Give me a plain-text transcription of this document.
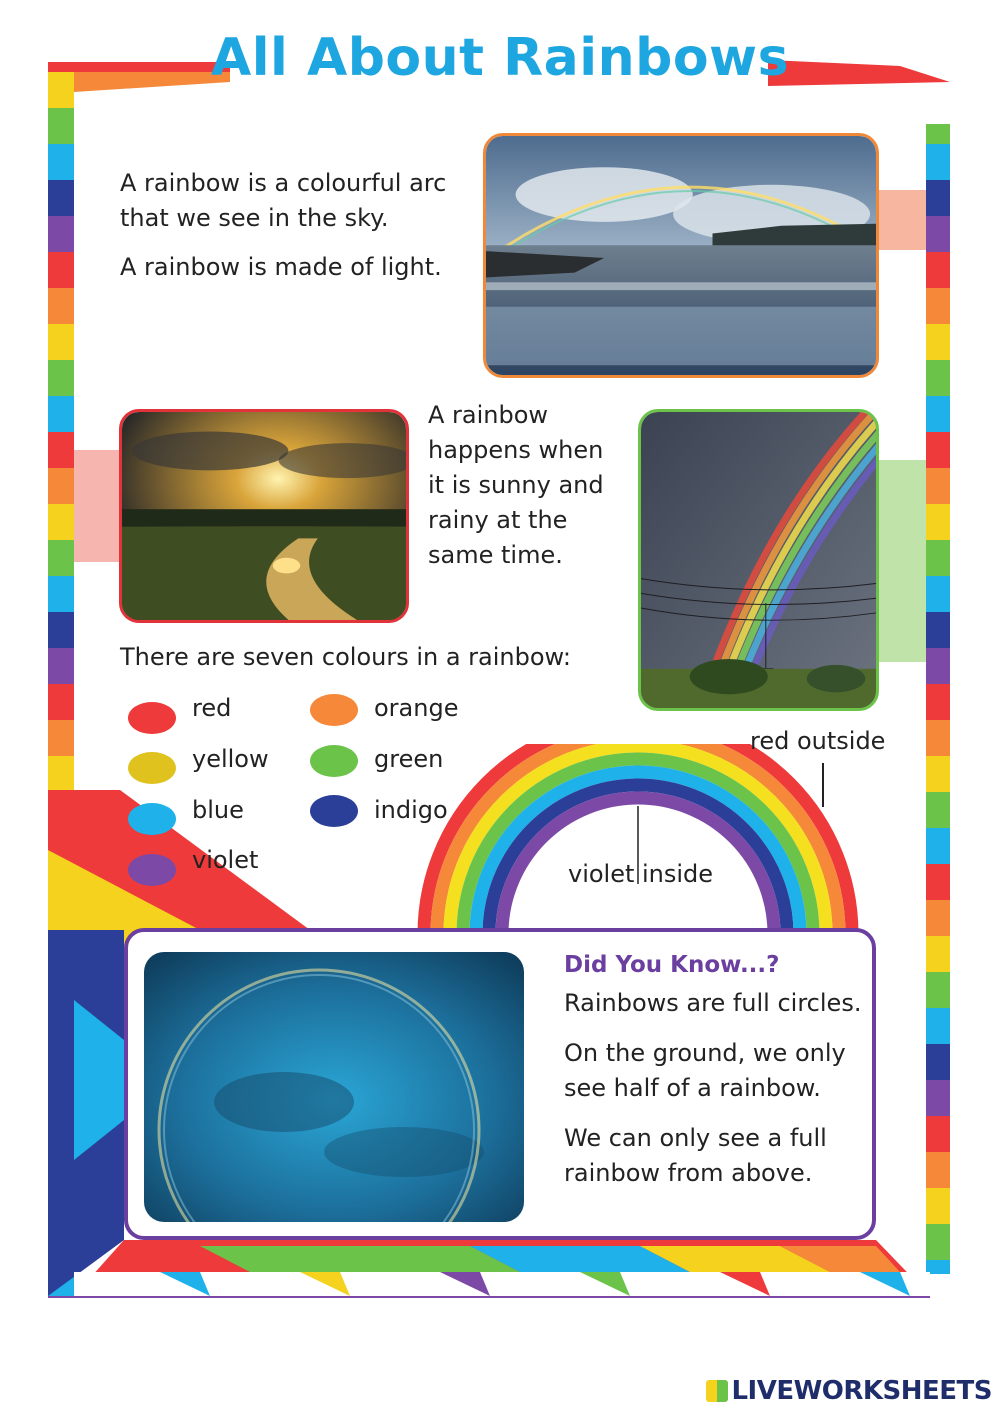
All About Rainbows

A rainbow is a colourful arc

that we see in the sky.

A rainbow is made of light.

A rainbow
happens when
it is sunny and
rainy at the
same time.
There are seven colours in a rainbow:
red	orange
yellow	green
blue	indigo
violet
red outside
violet inside
Did You Know...?
Rainbows are full circles.
On the ground, we only
see half of a rainbow.
We can only see a full
rainbow from above.
LIVEWORKSHEETS
